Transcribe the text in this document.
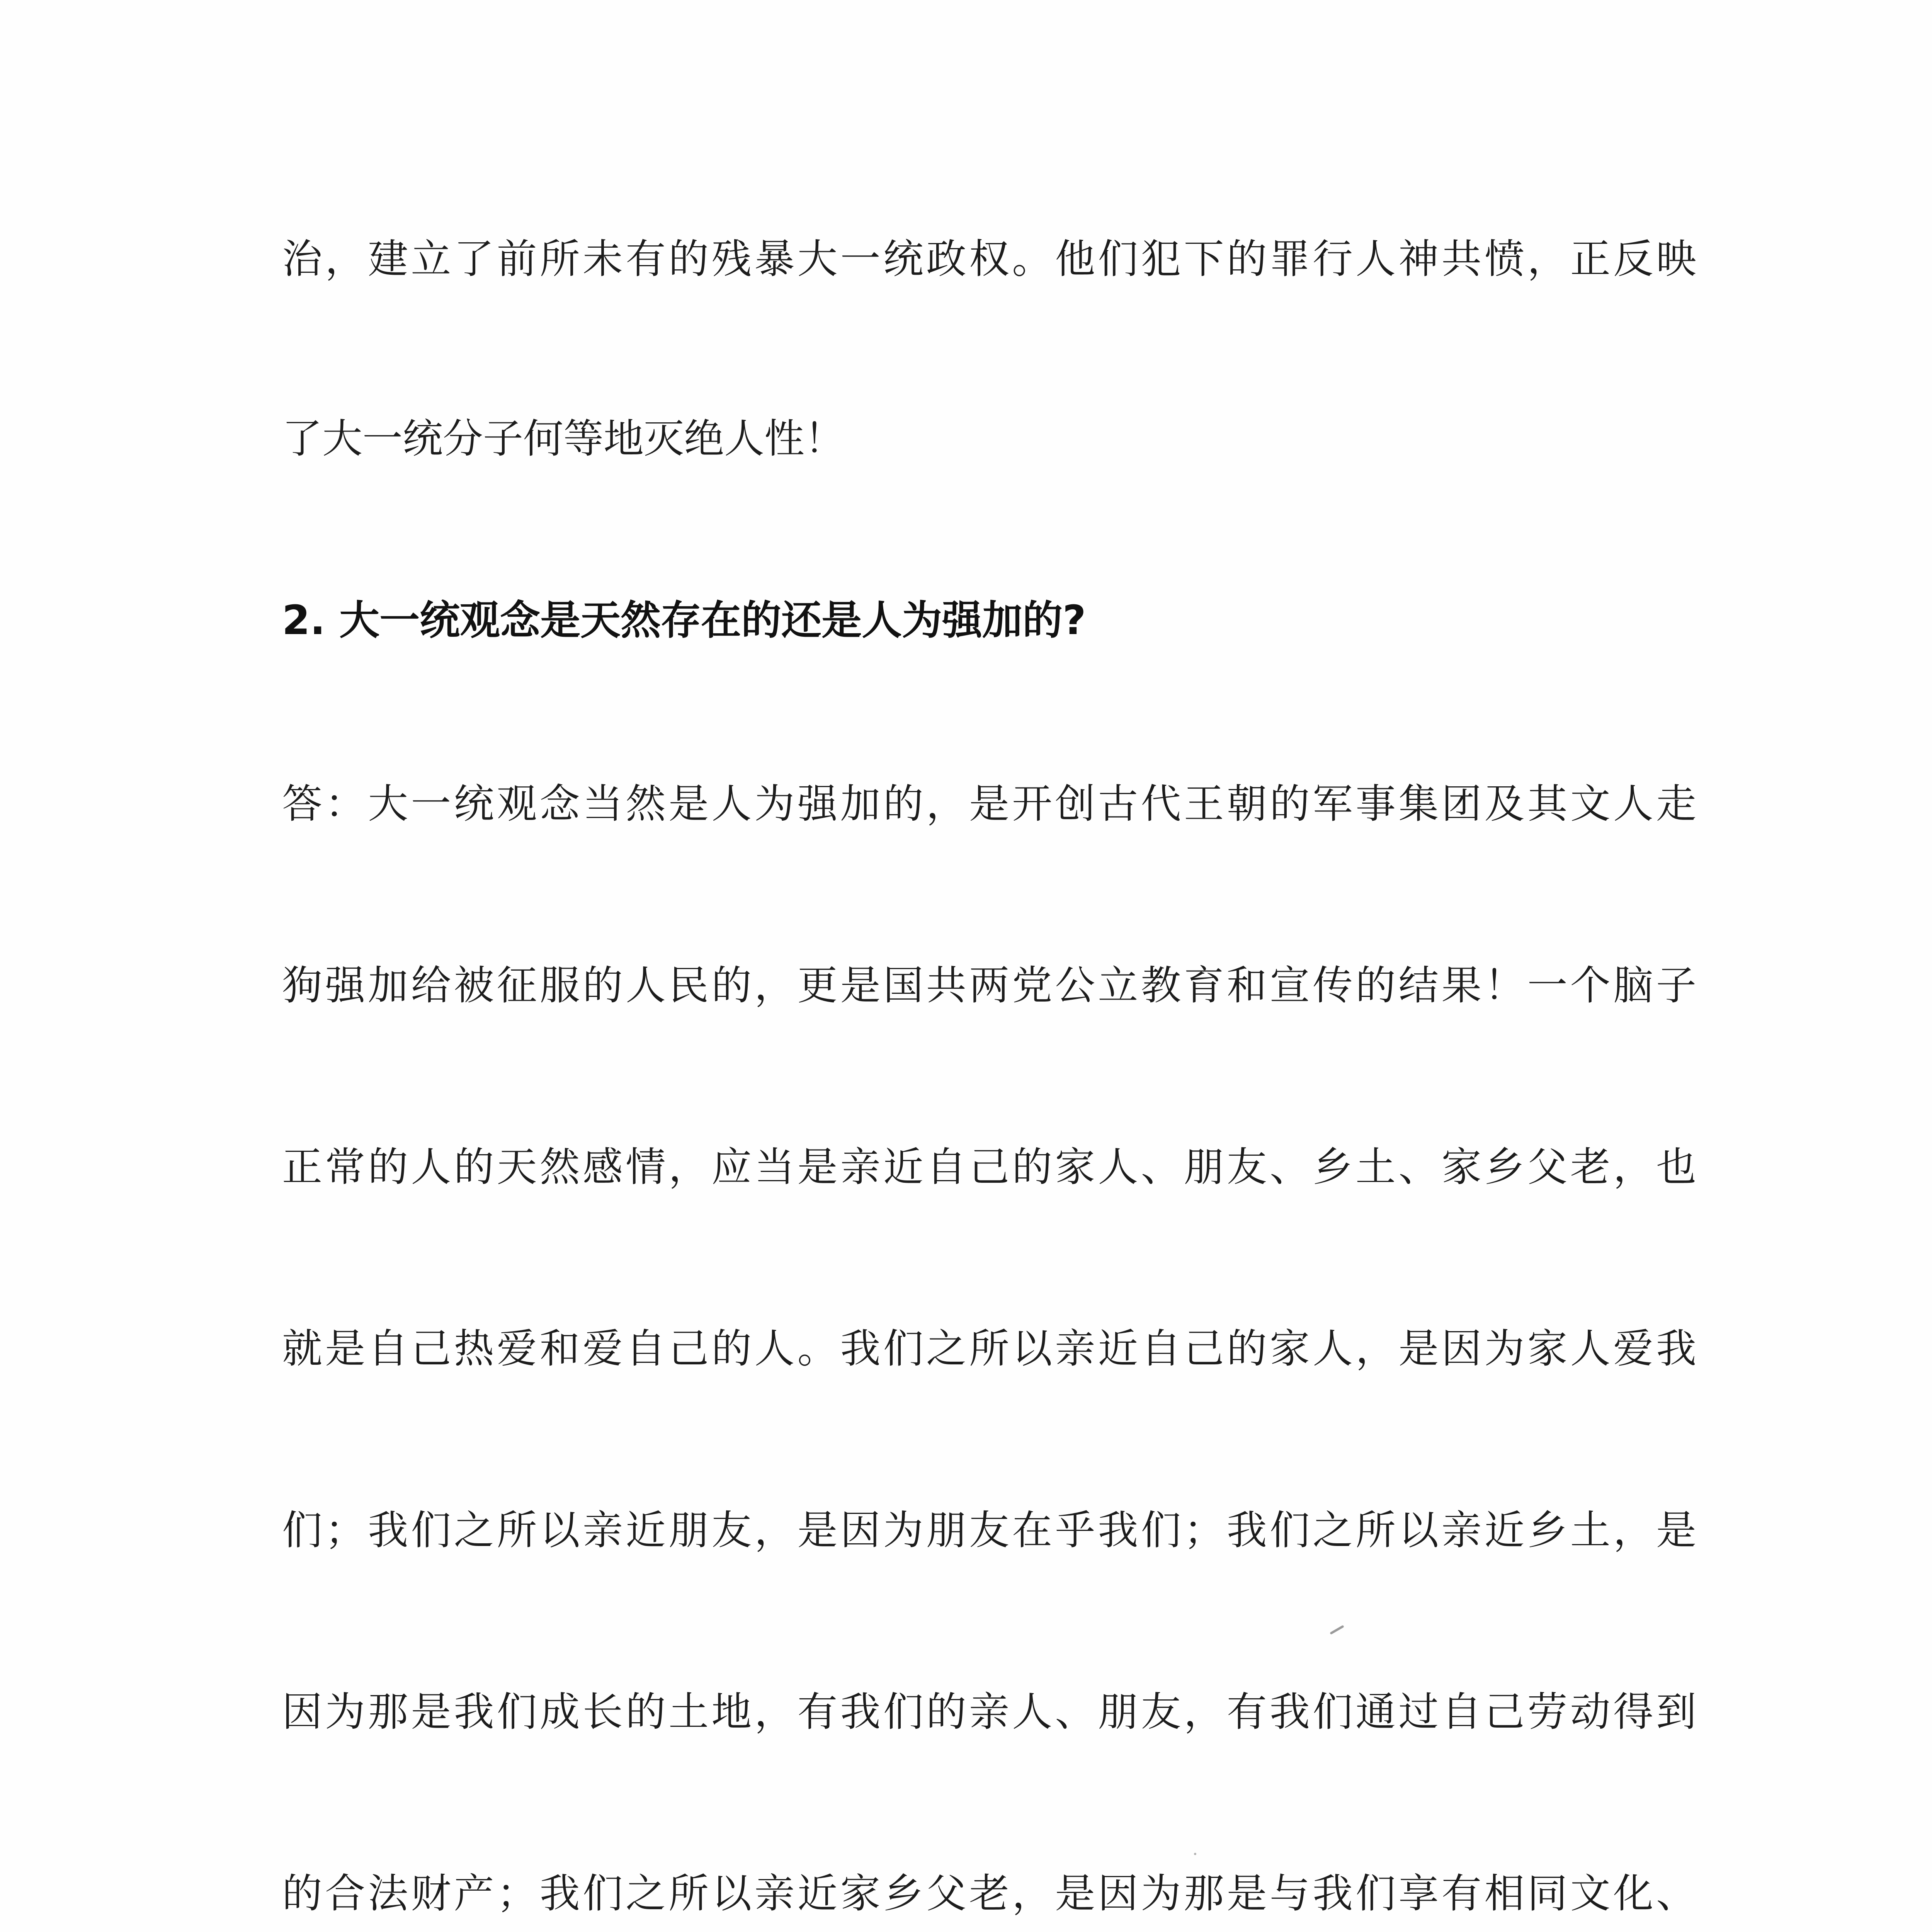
治，建立了前所未有的残暴大一统政权。他们犯下的罪行人神共愤，正反映
了大一统分子何等地灭绝人性！
2. 大一统观念是天然存在的还是人为强加的?
答：大一统观念当然是人为强加的，是开创古代王朝的军事集团及其文人走
狗强加给被征服的人民的，更是国共两党公立教育和宣传的结果！一个脑子
正常的人的天然感情，应当是亲近自己的家人、朋友、乡土、家乡父老，也
就是自己热爱和爱自己的人。我们之所以亲近自己的家人，是因为家人爱我
们；我们之所以亲近朋友，是因为朋友在乎我们；我们之所以亲近乡土，是
因为那是我们成长的土地，有我们的亲人、朋友，有我们通过自己劳动得到
的合法财产；我们之所以亲近家乡父老，是因为那是与我们享有相同文化、
